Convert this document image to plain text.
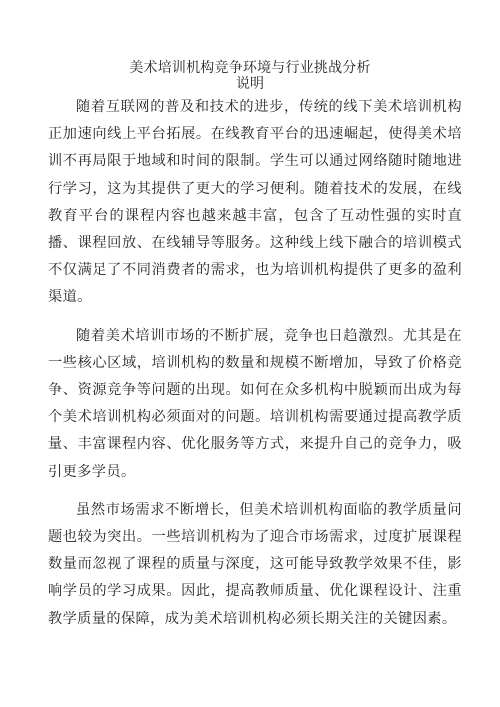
美术培训机构竞争环境与行业挑战分析
说明

随着互联网的普及和技术的进步，传统的线下美术培训机构正加速向线上平台拓展。在线教育平台的迅速崛起，使得美术培训不再局限于地域和时间的限制。学生可以通过网络随时随地进行学习，这为其提供了更大的学习便利。随着技术的发展，在线教育平台的课程内容也越来越丰富，包含了互动性强的实时直播、课程回放、在线辅导等服务。这种线上线下融合的培训模式不仅满足了不同消费者的需求，也为培训机构提供了更多的盈利渠道。

随着美术培训市场的不断扩展，竞争也日趋激烈。尤其是在一些核心区域，培训机构的数量和规模不断增加，导致了价格竞争、资源竞争等问题的出现。如何在众多机构中脱颖而出成为每个美术培训机构必须面对的问题。培训机构需要通过提高教学质量、丰富课程内容、优化服务等方式，来提升自己的竞争力，吸引更多学员。

虽然市场需求不断增长，但美术培训机构面临的教学质量问题也较为突出。一些培训机构为了迎合市场需求，过度扩展课程数量而忽视了课程的质量与深度，这可能导致教学效果不佳，影响学员的学习成果。因此，提高教师质量、优化课程设计、注重教学质量的保障，成为美术培训机构必须长期关注的关键因素。
